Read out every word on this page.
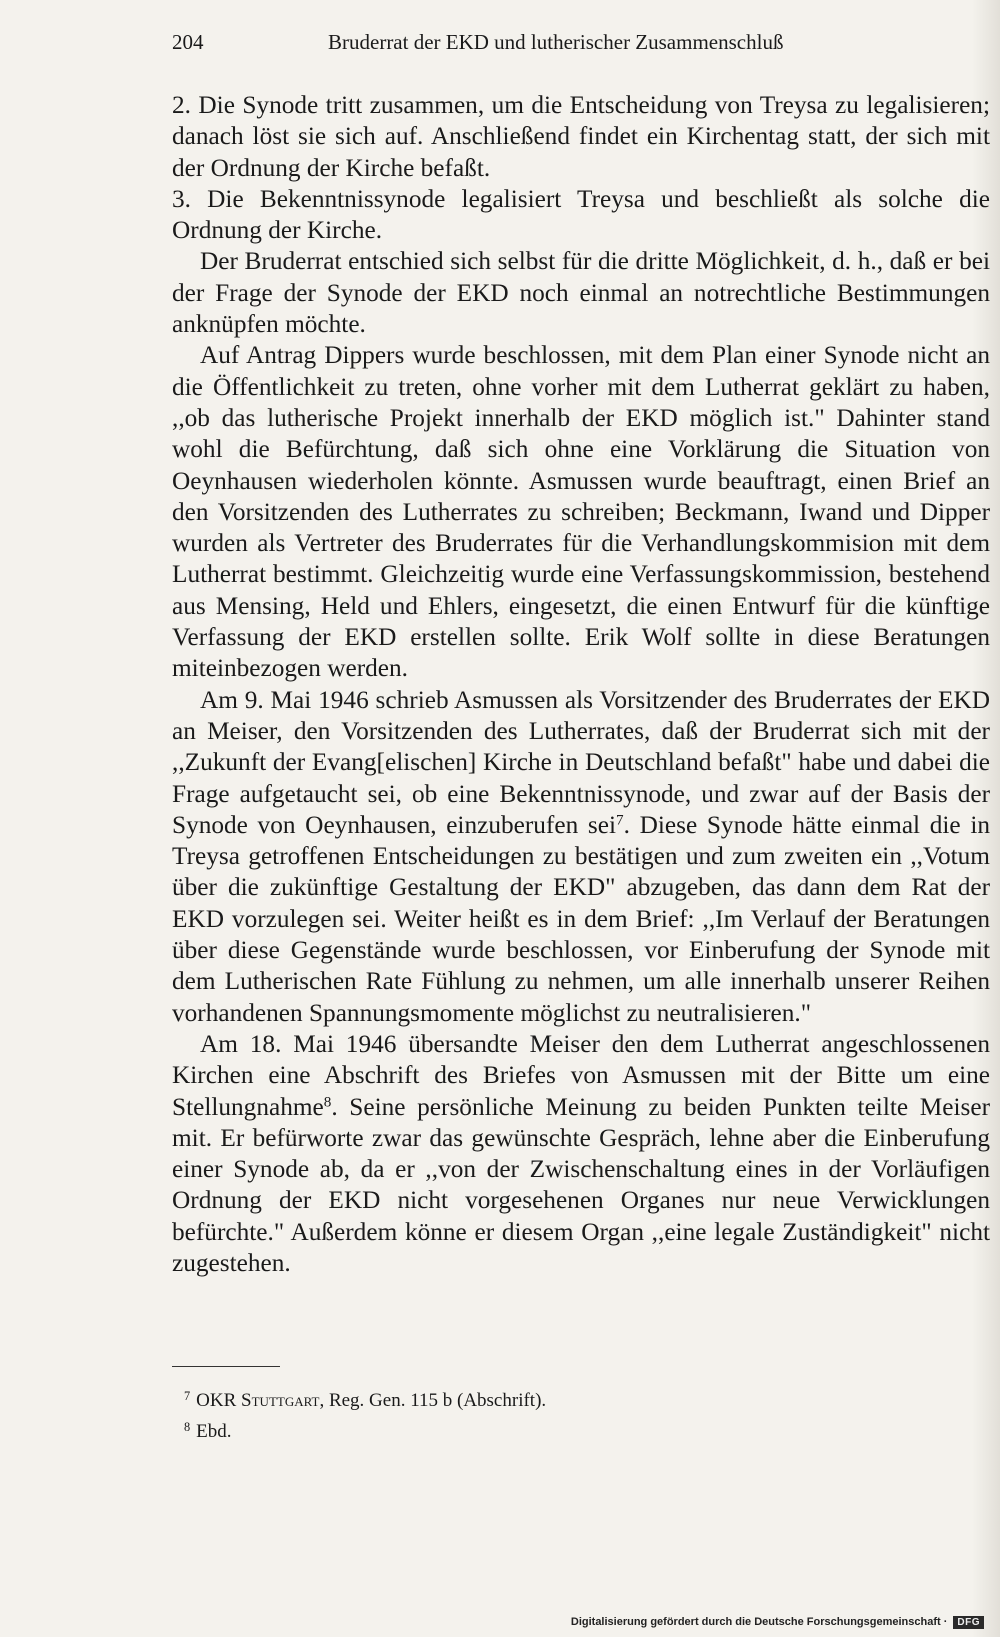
204	Bruderrat der EKD und lutherischer Zusammenschluß

2. Die Synode tritt zusammen, um die Entscheidung von Treysa zu legalisieren; danach löst sie sich auf. Anschließend findet ein Kirchentag statt, der sich mit der Ordnung der Kirche befaßt.

3. Die Bekenntnissynode legalisiert Treysa und beschließt als solche die Ordnung der Kirche.

Der Bruderrat entschied sich selbst für die dritte Möglichkeit, d. h., daß er bei der Frage der Synode der EKD noch einmal an notrechtliche Bestimmungen anknüpfen möchte.

Auf Antrag Dippers wurde beschlossen, mit dem Plan einer Synode nicht an die Öffentlichkeit zu treten, ohne vorher mit dem Lutherrat geklärt zu haben, ,,ob das lutherische Projekt innerhalb der EKD möglich ist." Dahinter stand wohl die Befürchtung, daß sich ohne eine Vorklärung die Situation von Oeynhausen wiederholen könnte. Asmussen wurde beauftragt, einen Brief an den Vorsitzenden des Lutherrates zu schreiben; Beckmann, Iwand und Dipper wurden als Vertreter des Bruderrates für die Verhandlungskommision mit dem Lutherrat bestimmt. Gleichzeitig wurde eine Verfassungskommission, bestehend aus Mensing, Held und Ehlers, eingesetzt, die einen Entwurf für die künftige Verfassung der EKD erstellen sollte. Erik Wolf sollte in diese Beratungen miteinbezogen werden.

Am 9. Mai 1946 schrieb Asmussen als Vorsitzender des Bruderrates der EKD an Meiser, den Vorsitzenden des Lutherrates, daß der Bruderrat sich mit der ,,Zukunft der Evang[elischen] Kirche in Deutschland befaßt" habe und dabei die Frage aufgetaucht sei, ob eine Bekenntnissynode, und zwar auf der Basis der Synode von Oeynhausen, einzuberufen sei$^7$. Diese Synode hätte einmal die in Treysa getroffenen Entscheidungen zu bestätigen und zum zweiten ein ,,Votum über die zukünftige Gestaltung der EKD" abzugeben, das dann dem Rat der EKD vorzulegen sei. Weiter heißt es in dem Brief: ,,Im Verlauf der Beratungen über diese Gegenstände wurde beschlossen, vor Einberufung der Synode mit dem Lutherischen Rate Fühlung zu nehmen, um alle innerhalb unserer Reihen vorhandenen Spannungsmomente möglichst zu neutralisieren."

Am 18. Mai 1946 übersandte Meiser den dem Lutherrat angeschlossenen Kirchen eine Abschrift des Briefes von Asmussen mit der Bitte um eine Stellungnahme$^8$. Seine persönliche Meinung zu beiden Punkten teilte Meiser mit. Er befürworte zwar das gewünschte Gespräch, lehne aber die Einberufung einer Synode ab, da er ,,von der Zwischenschaltung eines in der Vorläufigen Ordnung der EKD nicht vorgesehenen Organes nur neue Verwicklungen befürchte." Außerdem könne er diesem Organ ,,eine legale Zuständigkeit" nicht zugestehen.

$^7$ OKR Stuttgart, Reg. Gen. 115 b (Abschrift).
$^8$ Ebd.
Digitalisierung gefördert durch die Deutsche Forschungsgemeinschaft ·	DFG
